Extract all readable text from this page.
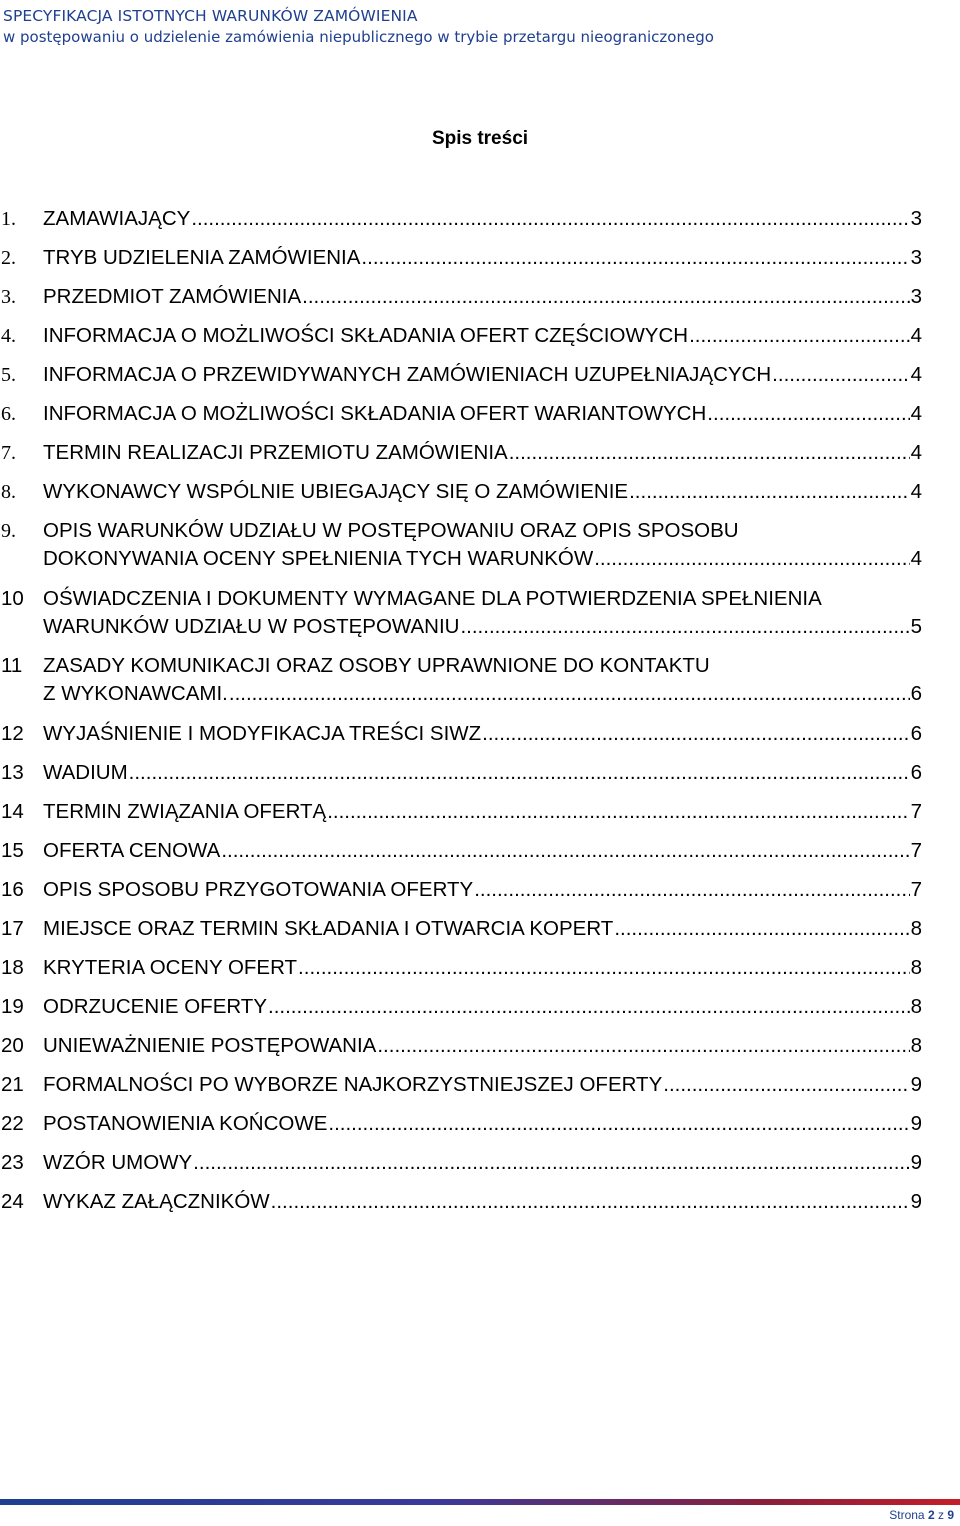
SPECYFIKACJA ISTOTNYCH WARUNKÓW ZAMÓWIENIA
w postępowaniu o udzielenie zamówienia niepublicznego w trybie przetargu nieograniczonego
Spis treści
1. ZAMAWIAJĄCY .....	3
2. TRYB UDZIELENIA ZAMÓWIENIA .....	3
3. PRZEDMIOT ZAMÓWIENIA .....	3
4. INFORMACJA O MOŻLIWOŚCI SKŁADANIA OFERT CZĘŚCIOWYCH .....	4
5. INFORMACJA O PRZEWIDYWANYCH ZAMÓWIENIACH UZUPEŁNIAJĄCYCH .....	4
6. INFORMACJA O MOŻLIWOŚCI SKŁADANIA OFERT WARIANTOWYCH .....	4
7. TERMIN REALIZACJI PRZEMIOTU ZAMÓWIENIA .....	4
8. WYKONAWCY WSPÓLNIE UBIEGAJĄCY SIĘ O ZAMÓWIENIE .....	4
9. OPIS WARUNKÓW UDZIAŁU W POSTĘPOWANIU ORAZ OPIS SPOSOBU
DOKONYWANIA OCENY SPEŁNIENIA TYCH WARUNKÓW .....	4
10 OŚWIADCZENIA I DOKUMENTY WYMAGANE DLA POTWIERDZENIA SPEŁNIENIA
WARUNKÓW UDZIAŁU W POSTĘPOWANIU .....	5
11 ZASADY KOMUNIKACJI ORAZ OSOBY UPRAWNIONE DO KONTAKTU
Z WYKONAWCAMI. .....	6
12 WYJAŚNIENIE I MODYFIKACJA TREŚCI SIWZ .....	6
13 WADIUM .....	6
14 TERMIN ZWIĄZANIA OFERTĄ .....	7
15 OFERTA CENOWA .....	7
16 OPIS SPOSOBU PRZYGOTOWANIA OFERTY .....	7
17 MIEJSCE ORAZ TERMIN SKŁADANIA I OTWARCIA KOPERT .....	8
18 KRYTERIA OCENY OFERT .....	8
19 ODRZUCENIE OFERTY .....	8
20 UNIEWAŻNIENIE POSTĘPOWANIA .....	8
21 FORMALNOŚCI PO WYBORZE NAJKORZYSTNIEJSZEJ OFERTY .....	9
22 POSTANOWIENIA KOŃCOWE .....	9
23 WZÓR UMOWY .....	9
24 WYKAZ ZAŁĄCZNIKÓW .....	9
Strona 2 z 9
